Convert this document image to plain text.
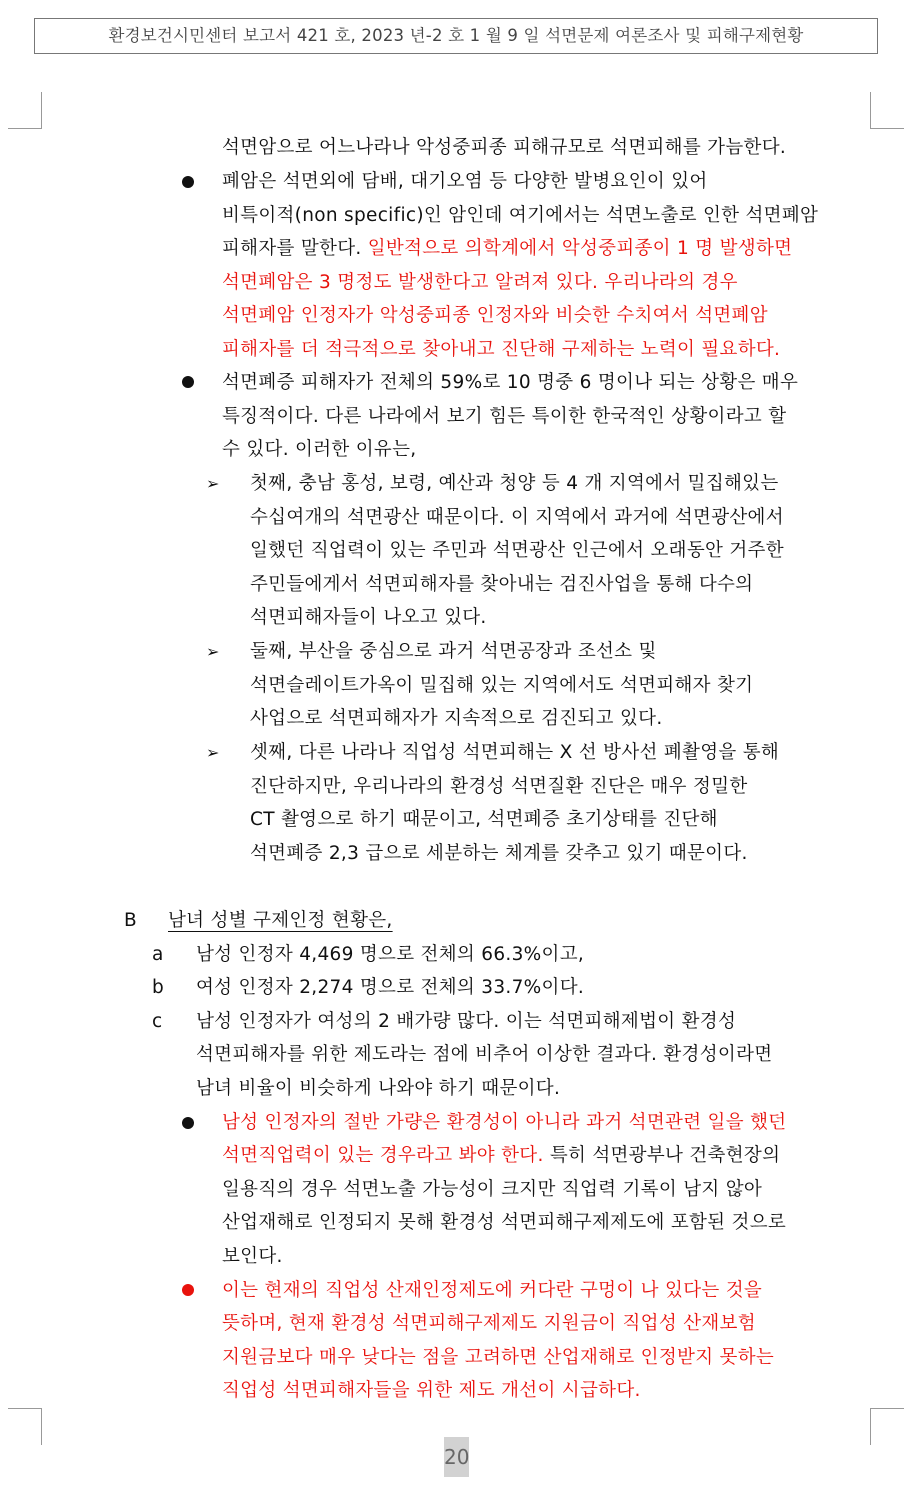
환경보건시민센터 보고서 421 호, 2023 년-2 호 1 월 9 일 석면문제 여론조사 및 피해구제현황
석면암으로 어느나라나 악성중피종 피해규모로 석면피해를 가늠한다.
폐암은 석면외에 담배, 대기오염 등 다양한 발병요인이 있어
비특이적(non specific)인 암인데 여기에서는 석면노출로 인한 석면폐암
피해자를 말한다. 일반적으로 의학계에서 악성중피종이 1 명 발생하면
석면폐암은 3 명정도 발생한다고 알려져 있다. 우리나라의 경우
석면폐암 인정자가 악성중피종 인정자와 비슷한 수치여서 석면폐암
피해자를 더 적극적으로 찾아내고 진단해 구제하는 노력이 필요하다.
석면폐증 피해자가 전체의 59%로 10 명중 6 명이나 되는 상황은 매우
특징적이다. 다른 나라에서 보기 힘든 특이한 한국적인 상황이라고 할
수 있다. 이러한 이유는,
➢ 첫째, 충남 홍성, 보령, 예산과 청양 등 4 개 지역에서 밀집해있는
수십여개의 석면광산 때문이다. 이 지역에서 과거에 석면광산에서
일했던 직업력이 있는 주민과 석면광산 인근에서 오래동안 거주한
주민들에게서 석면피해자를 찾아내는 검진사업을 통해 다수의
석면피해자들이 나오고 있다.
➢ 둘째, 부산을 중심으로 과거 석면공장과 조선소 및
석면슬레이트가옥이 밀집해 있는 지역에서도 석면피해자 찾기
사업으로 석면피해자가 지속적으로 검진되고 있다.
➢ 셋째, 다른 나라나 직업성 석면피해는 X 선 방사선 폐촬영을 통해
진단하지만, 우리나라의 환경성 석면질환 진단은 매우 정밀한
CT 촬영으로 하기 때문이고, 석면폐증 초기상태를 진단해
석면폐증 2,3 급으로 세분하는 체계를 갖추고 있기 때문이다.
B 남녀 성별 구제인정 현황은,
a 남성 인정자 4,469 명으로 전체의 66.3%이고,
b 여성 인정자 2,274 명으로 전체의 33.7%이다.
c 남성 인정자가 여성의 2 배가량 많다. 이는 석면피해제법이 환경성
석면피해자를 위한 제도라는 점에 비추어 이상한 결과다. 환경성이라면
남녀 비율이 비슷하게 나와야 하기 때문이다.
남성 인정자의 절반 가량은 환경성이 아니라 과거 석면관련 일을 했던
석면직업력이 있는 경우라고 봐야 한다. 특히 석면광부나 건축현장의
일용직의 경우 석면노출 가능성이 크지만 직업력 기록이 남지 않아
산업재해로 인정되지 못해 환경성 석면피해구제제도에 포함된 것으로
보인다.
이는 현재의 직업성 산재인정제도에 커다란 구멍이 나 있다는 것을
뜻하며, 현재 환경성 석면피해구제제도 지원금이 직업성 산재보험
지원금보다 매우 낮다는 점을 고려하면 산업재해로 인정받지 못하는
직업성 석면피해자들을 위한 제도 개선이 시급하다.
20
